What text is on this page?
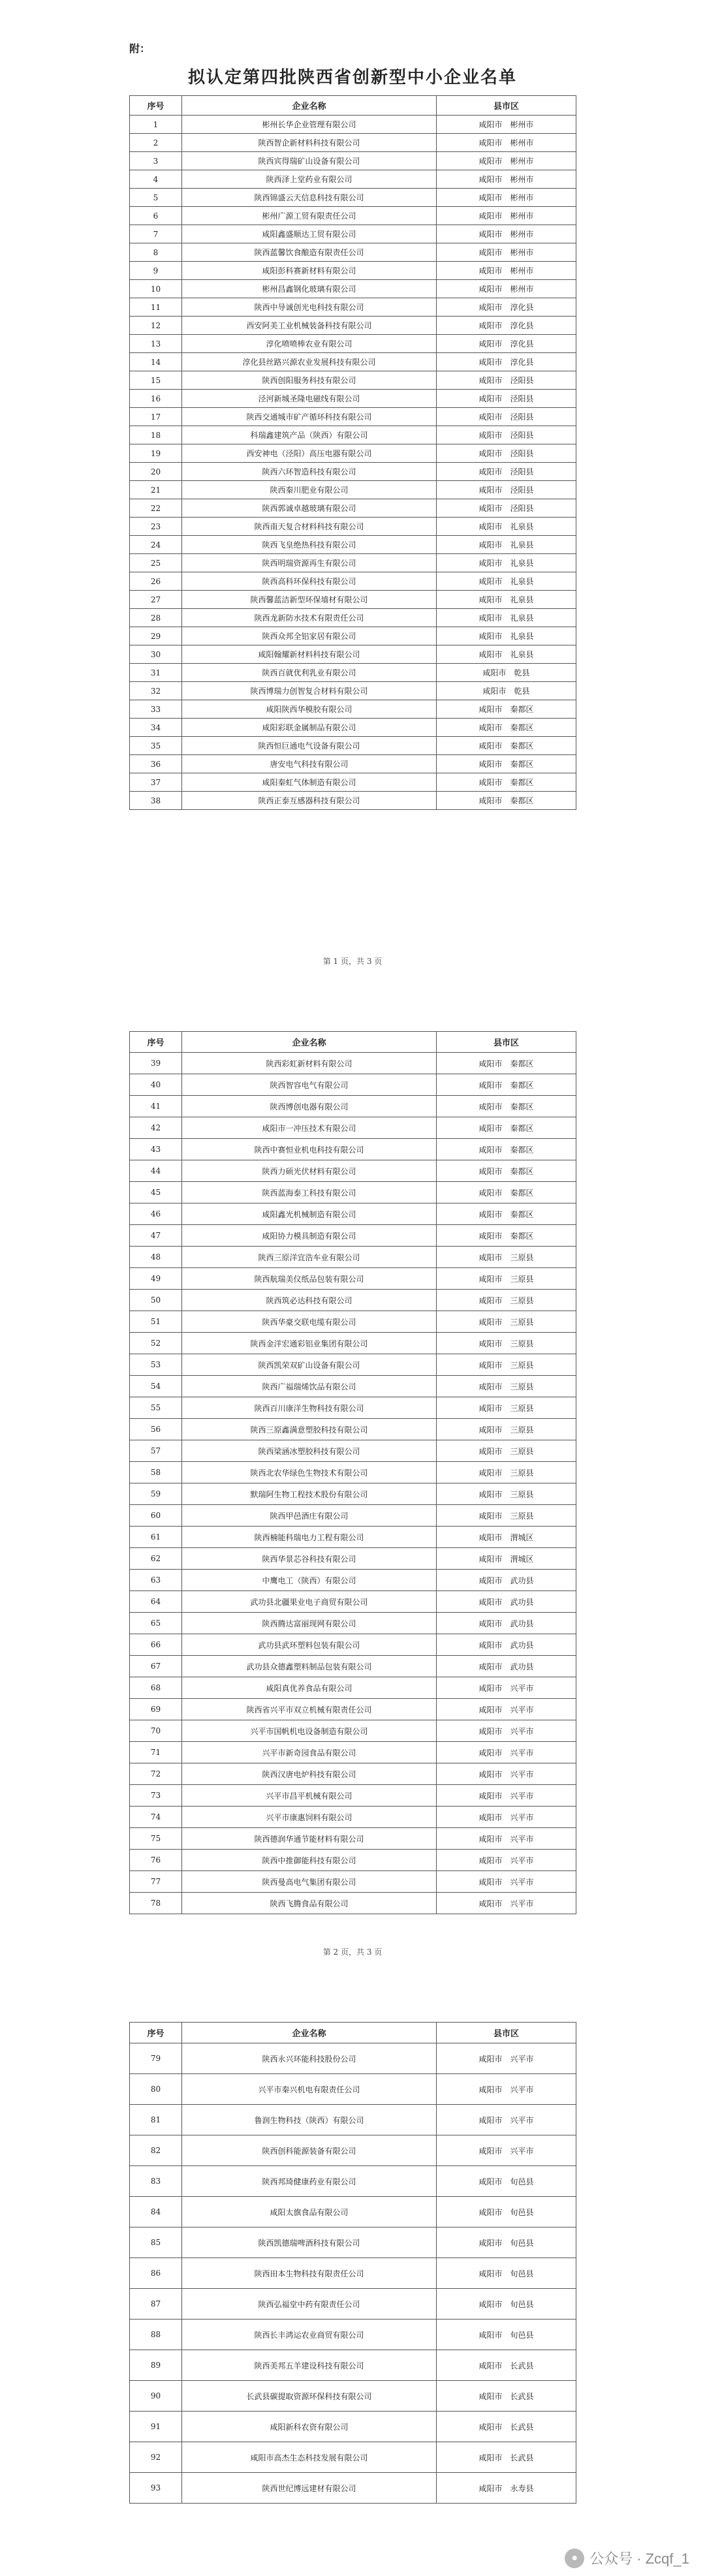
附：
拟认定第四批陕西省创新型中小企业名单
序号	企业名称	县市区
1	彬州长华企业管理有限公司	咸阳市　彬州市
2	陕西智企新材料科技有限公司	咸阳市　彬州市
3	陕西宾得瑞矿山设备有限公司	咸阳市　彬州市
4	陕西泽上堂药业有限公司	咸阳市　彬州市
5	陕西锦盛云天信息科技有限公司	咸阳市　彬州市
6	彬州广源工贸有限责任公司	咸阳市　彬州市
7	咸阳鑫盛顺达工贸有限公司	咸阳市　彬州市
8	陕西蓝馨饮食酿造有限责任公司	咸阳市　彬州市
9	咸阳彭科赛新材料有限公司	咸阳市　彬州市
10	彬州昌鑫钢化玻璃有限公司	咸阳市　彬州市
11	陕西中导诚创光电科技有限公司	咸阳市　淳化县
12	西安阿美工业机械装备科技有限公司	咸阳市　淳化县
13	淳化喷喷棒农业有限公司	咸阳市　淳化县
14	淳化县丝路兴源农业发展科技有限公司	咸阳市　淳化县
15	陕西创阳服务科技有限公司	咸阳市　泾阳县
16	泾河新城圣隆电磁线有限公司	咸阳市　泾阳县
17	陕西交通城市矿产循环科技有限公司	咸阳市　泾阳县
18	科瑞鑫建筑产品（陕西）有限公司	咸阳市　泾阳县
19	西安神电（泾阳）高压电器有限公司	咸阳市　泾阳县
20	陕西六环智造科技有限公司	咸阳市　泾阳县
21	陕西秦川肥业有限公司	咸阳市　泾阳县
22	陕西郭诚卓越玻璃有限公司	咸阳市　泾阳县
23	陕西南天复合材料科技有限公司	咸阳市　礼泉县
24	陕西飞皇绝热科技有限公司	咸阳市　礼泉县
25	陕西明瑞资源再生有限公司	咸阳市　礼泉县
26	陕西高科环保科技有限公司	咸阳市　礼泉县
27	陕西馨蓝洁新型环保墙材有限公司	咸阳市　礼泉县
28	陕西龙新防水技术有限责任公司	咸阳市　礼泉县
29	陕西众邦全铝家居有限公司	咸阳市　礼泉县
30	咸阳翰耀新材料科技有限公司	咸阳市　礼泉县
31	陕西百就优利乳业有限公司	咸阳市　乾县
32	陕西博瑞力创智复合材料有限公司	咸阳市　乾县
33	咸阳陕西华模胶有限公司	咸阳市　秦都区
34	咸阳彩联金属制品有限公司	咸阳市　秦都区
35	陕西恒巨通电气设备有限公司	咸阳市　秦都区
36	唐安电气科技有限公司	咸阳市　秦都区
37	咸阳秦虹气体制造有限公司	咸阳市　秦都区
38	陕西正泰互感器科技有限公司	咸阳市　秦都区
第 1 页，共 3 页
序号	企业名称	县市区
39	陕西彩虹新材料有限公司	咸阳市　秦都区
40	陕西智容电气有限公司	咸阳市　秦都区
41	陕西博创电器有限公司	咸阳市　秦都区
42	咸阳市一冲压技术有限公司	咸阳市　秦都区
43	陕西中赛恒业机电科技有限公司	咸阳市　秦都区
44	陕西力硕光伏材料有限公司	咸阳市　秦都区
45	陕西蓝海泰工科技有限公司	咸阳市　秦都区
46	咸阳鑫光机械制造有限公司	咸阳市　秦都区
47	咸阳协力模具制造有限公司	咸阳市　秦都区
48	陕西三原洋宜浩车业有限公司	咸阳市　三原县
49	陕西航瑞美仪纸品包装有限公司	咸阳市　三原县
50	陕西筑必达科技有限公司	咸阳市　三原县
51	陕西华豪交联电缆有限公司	咸阳市　三原县
52	陕西金洋宏通彩铝业集团有限公司	咸阳市　三原县
53	陕西凯荣双矿山设备有限公司	咸阳市　三原县
54	陕西广福瑞烯饮品有限公司	咸阳市　三原县
55	陕西百川康洋生物科技有限公司	咸阳市　三原县
56	陕西三原鑫满意塑胶科技有限公司	咸阳市　三原县
57	陕西梁涵冰塑胶科技有限公司	咸阳市　三原县
58	陕西北农华绿色生物技术有限公司	咸阳市　三原县
59	默瑞阿生物工程技术股份有限公司	咸阳市　三原县
60	陕西甲邑酒庄有限公司	咸阳市　三原县
61	陕西楠能科瑞电力工程有限公司	咸阳市　渭城区
62	陕西华景芯谷科技有限公司	咸阳市　渭城区
63	中鹰电工（陕西）有限公司	咸阳市　武功县
64	武功县北疆果业电子商贸有限公司	咸阳市　武功县
65	陕西腾达富丽现网有限公司	咸阳市　武功县
66	武功县武环塑料包装有限公司	咸阳市　武功县
67	武功县众德鑫塑料制品包装有限公司	咸阳市　武功县
68	咸阳真优养食品有限公司	咸阳市　兴平市
69	陕西省兴平市双立机械有限责任公司	咸阳市　兴平市
70	兴平市国帆机电设备制造有限公司	咸阳市　兴平市
71	兴平市新奇园食品有限公司	咸阳市　兴平市
72	陕西汉唐电炉科技有限公司	咸阳市　兴平市
73	兴平市昌平机械有限公司	咸阳市　兴平市
74	兴平市康惠饲料有限公司	咸阳市　兴平市
75	陕西德润华通节能材料有限公司	咸阳市　兴平市
76	陕西中推御能科技有限公司	咸阳市　兴平市
77	陕西曼高电气集团有限公司	咸阳市　兴平市
78	陕西飞腾食品有限公司	咸阳市　兴平市
第 2 页，共 3 页
序号	企业名称	县市区
79	陕西永兴环能科技股份公司	咸阳市　兴平市
80	兴平市秦兴机电有限责任公司	咸阳市　兴平市
81	鲁润生物科技（陕西）有限公司	咸阳市　兴平市
82	陕西创科能源装备有限公司	咸阳市　兴平市
83	陕西邦琦健康药业有限公司	咸阳市　旬邑县
84	咸阳太旗食品有限公司	咸阳市　旬邑县
85	陕西凯德瑞啤酒科技有限公司	咸阳市　旬邑县
86	陕西田本生物科技有限责任公司	咸阳市　旬邑县
87	陕西弘福堂中药有限责任公司	咸阳市　旬邑县
88	陕西长丰鸿运农业商贸有限公司	咸阳市　旬邑县
89	陕西美邦五羊建设科技有限公司	咸阳市　长武县
90	长武县碳提取资源环保科技有限公司	咸阳市　长武县
91	咸阳新科农资有限公司	咸阳市　长武县
92	咸阳市高杰生态科技发展有限公司	咸阳市　长武县
93	陕西世纪博远建材有限公司	咸阳市　永寿县
● 公众号 · Zcqf_1
